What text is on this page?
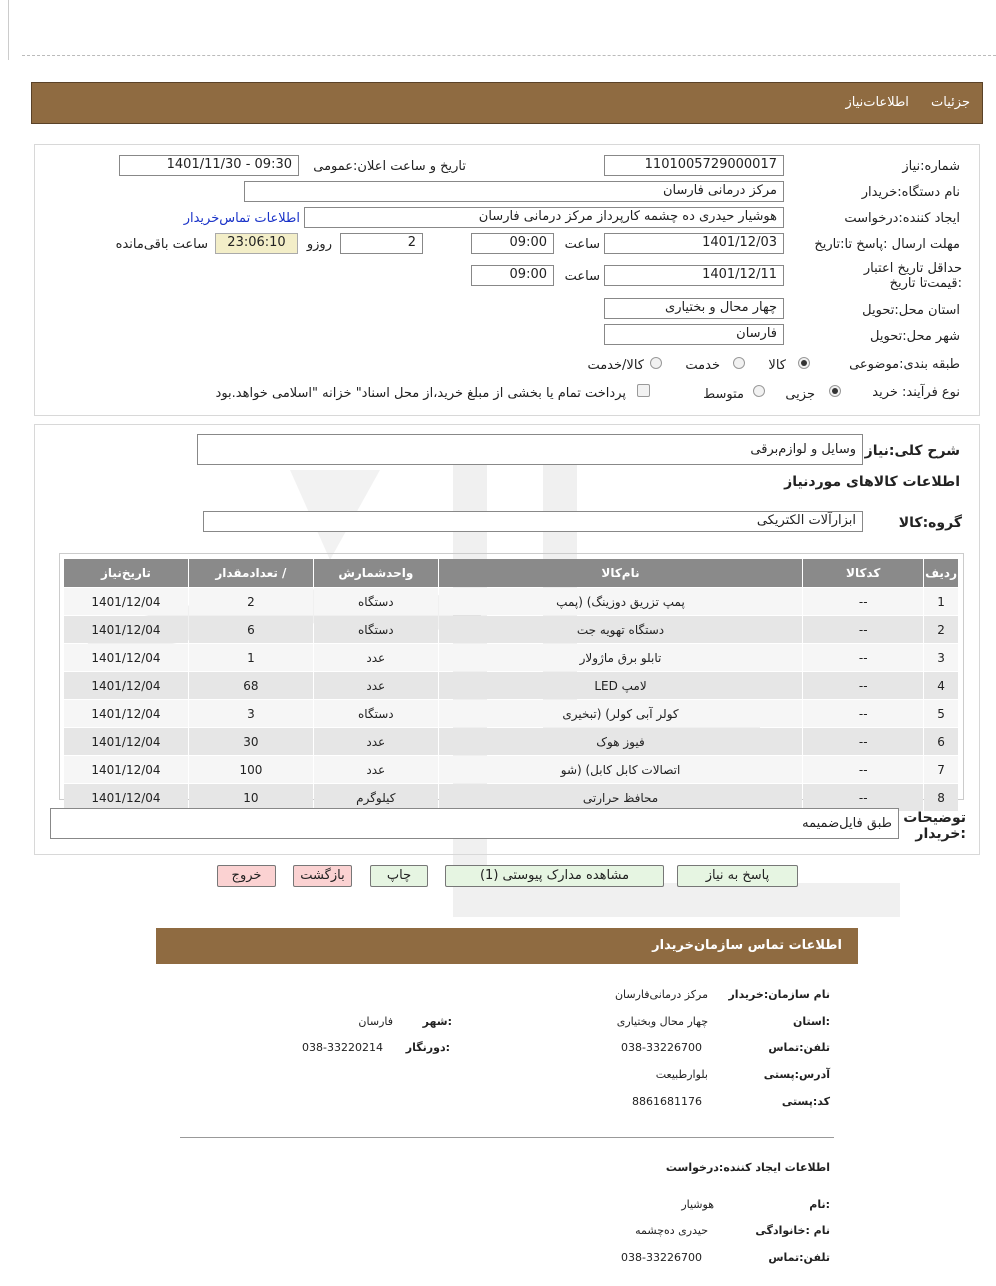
جزئیات اطلاعات‌نیاز
شماره:نیاز
1101005729000017
تاریخ و ساعت اعلان:عمومی
1401/11/30 - 09:30
نام دستگاه:خریدار
مرکز درمانی فارسان
ایجاد کننده:درخواست
هوشیار حیدری ده چشمه کارپرداز مرکز درمانی فارسان
اطلاعات تماس‌خریدار
مهلت ارسال :پاسخ تا:تاریخ
1401/12/03
ساعت
09:00
2
روزو
23:06:10
ساعت باقی‌مانده
حداقل تاریخ اعتبار :قیمت‌تا تاریخ
1401/12/11
ساعت
09:00
استان محل:تحویل
چهار محال و بختیاری
شهر محل:تحویل
فارسان
طبقه بندی:موضوعی
کالا
خدمت
کالا/خدمت
نوع فرآیند: خرید
جزیی
متوسط
پرداخت تمام یا بخشی از مبلغ خرید،از محل اسناد" خزانه "اسلامی خواهد.بود
شرح کلی:نیاز
وسایل و لوازم‌برقی
اطلاعات کالاهای موردنیاز
گروه:کالا
ابزارآلات الکتریکی
ردیف	کدکالا	نام‌کالا	واحدشمارش	/ تعدادمقدار	تاریخ‌نیاز
1	--	پمپ تزریق دوزینگ) (پمپ	دستگاه	2	1401/12/04
2	--	دستگاه تهویه جت	دستگاه	6	1401/12/04
3	--	تابلو برق ماژولار	عدد	1	1401/12/04
4	--	لامپ LED	عدد	68	1401/12/04
5	--	کولر آبی کولر) (تبخیری	دستگاه	3	1401/12/04
6	--	فیوز هوک	عدد	30	1401/12/04
7	--	اتصالات کابل کابل) (شو	عدد	100	1401/12/04
8	--	محافظ حرارتی	کیلوگرم	10	1401/12/04
توضیحات :خریدار
طبق فایل‌ضمیمه
پاسخ به نیاز
مشاهده مدارک پیوستی (1)
چاپ
بازگشت
خروج
اطلاعات تماس سازمان‌خریدار
نام سازمان:خریدار
مرکز درمانی‌فارسان
:استان
چهار محال وبختیاری
:شهر
فارسان
تلفن:تماس
038-33226700
:دورنگار
038-33220214
آدرس:پستی
بلوارطبیعت
کد:پستی
8861681176
اطلاعات ایجاد کننده:درخواست
:نام
هوشیار
نام :خانوادگی
حیدری ده‌چشمه
تلفن:تماس
038-33226700
